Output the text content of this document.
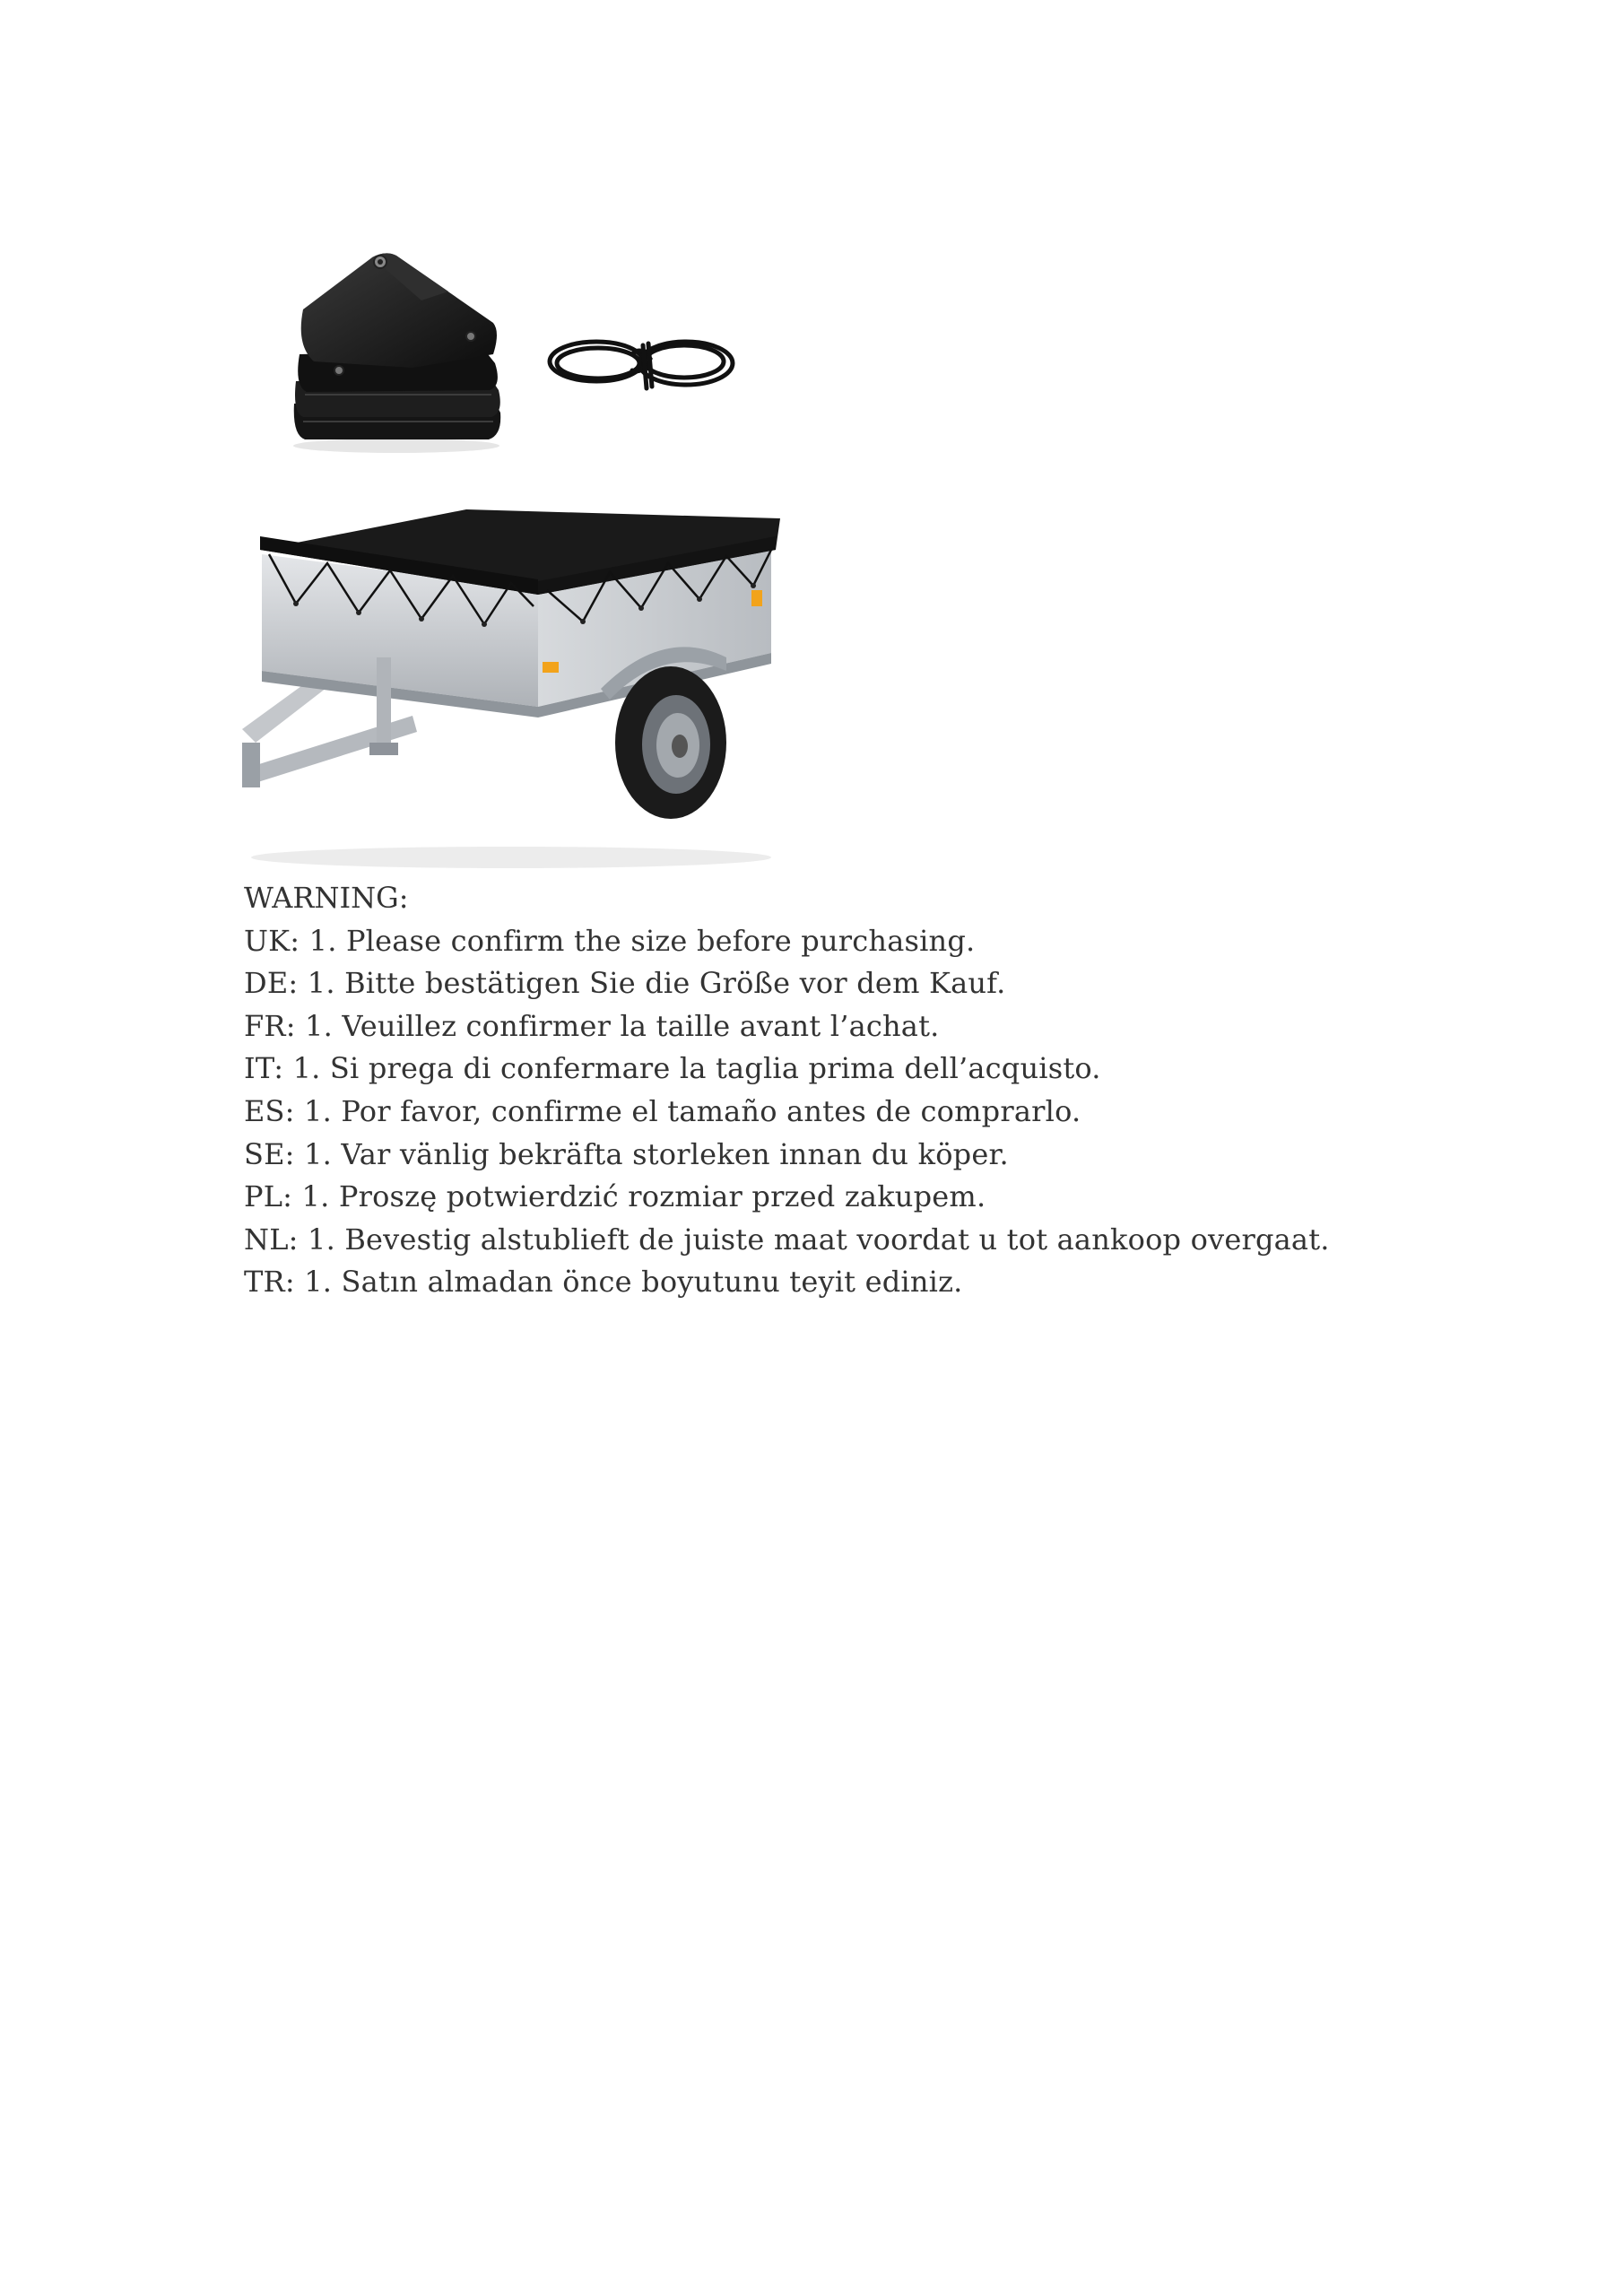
WARNING:
UK: 1. Please confirm the size before purchasing.
DE: 1. Bitte bestätigen Sie die Größe vor dem Kauf.
FR: 1. Veuillez confirmer la taille avant l’achat.
IT: 1. Si prega di confermare la taglia prima dell’acquisto.
ES: 1. Por favor, confirme el tamaño antes de comprarlo.
SE: 1. Var vänlig bekräfta storleken innan du köper.
PL: 1. Proszę potwierdzić rozmiar przed zakupem.
NL: 1. Bevestig alstublieft de juiste maat voordat u tot aankoop overgaat.
TR: 1. Satın almadan önce boyutunu teyit ediniz.
